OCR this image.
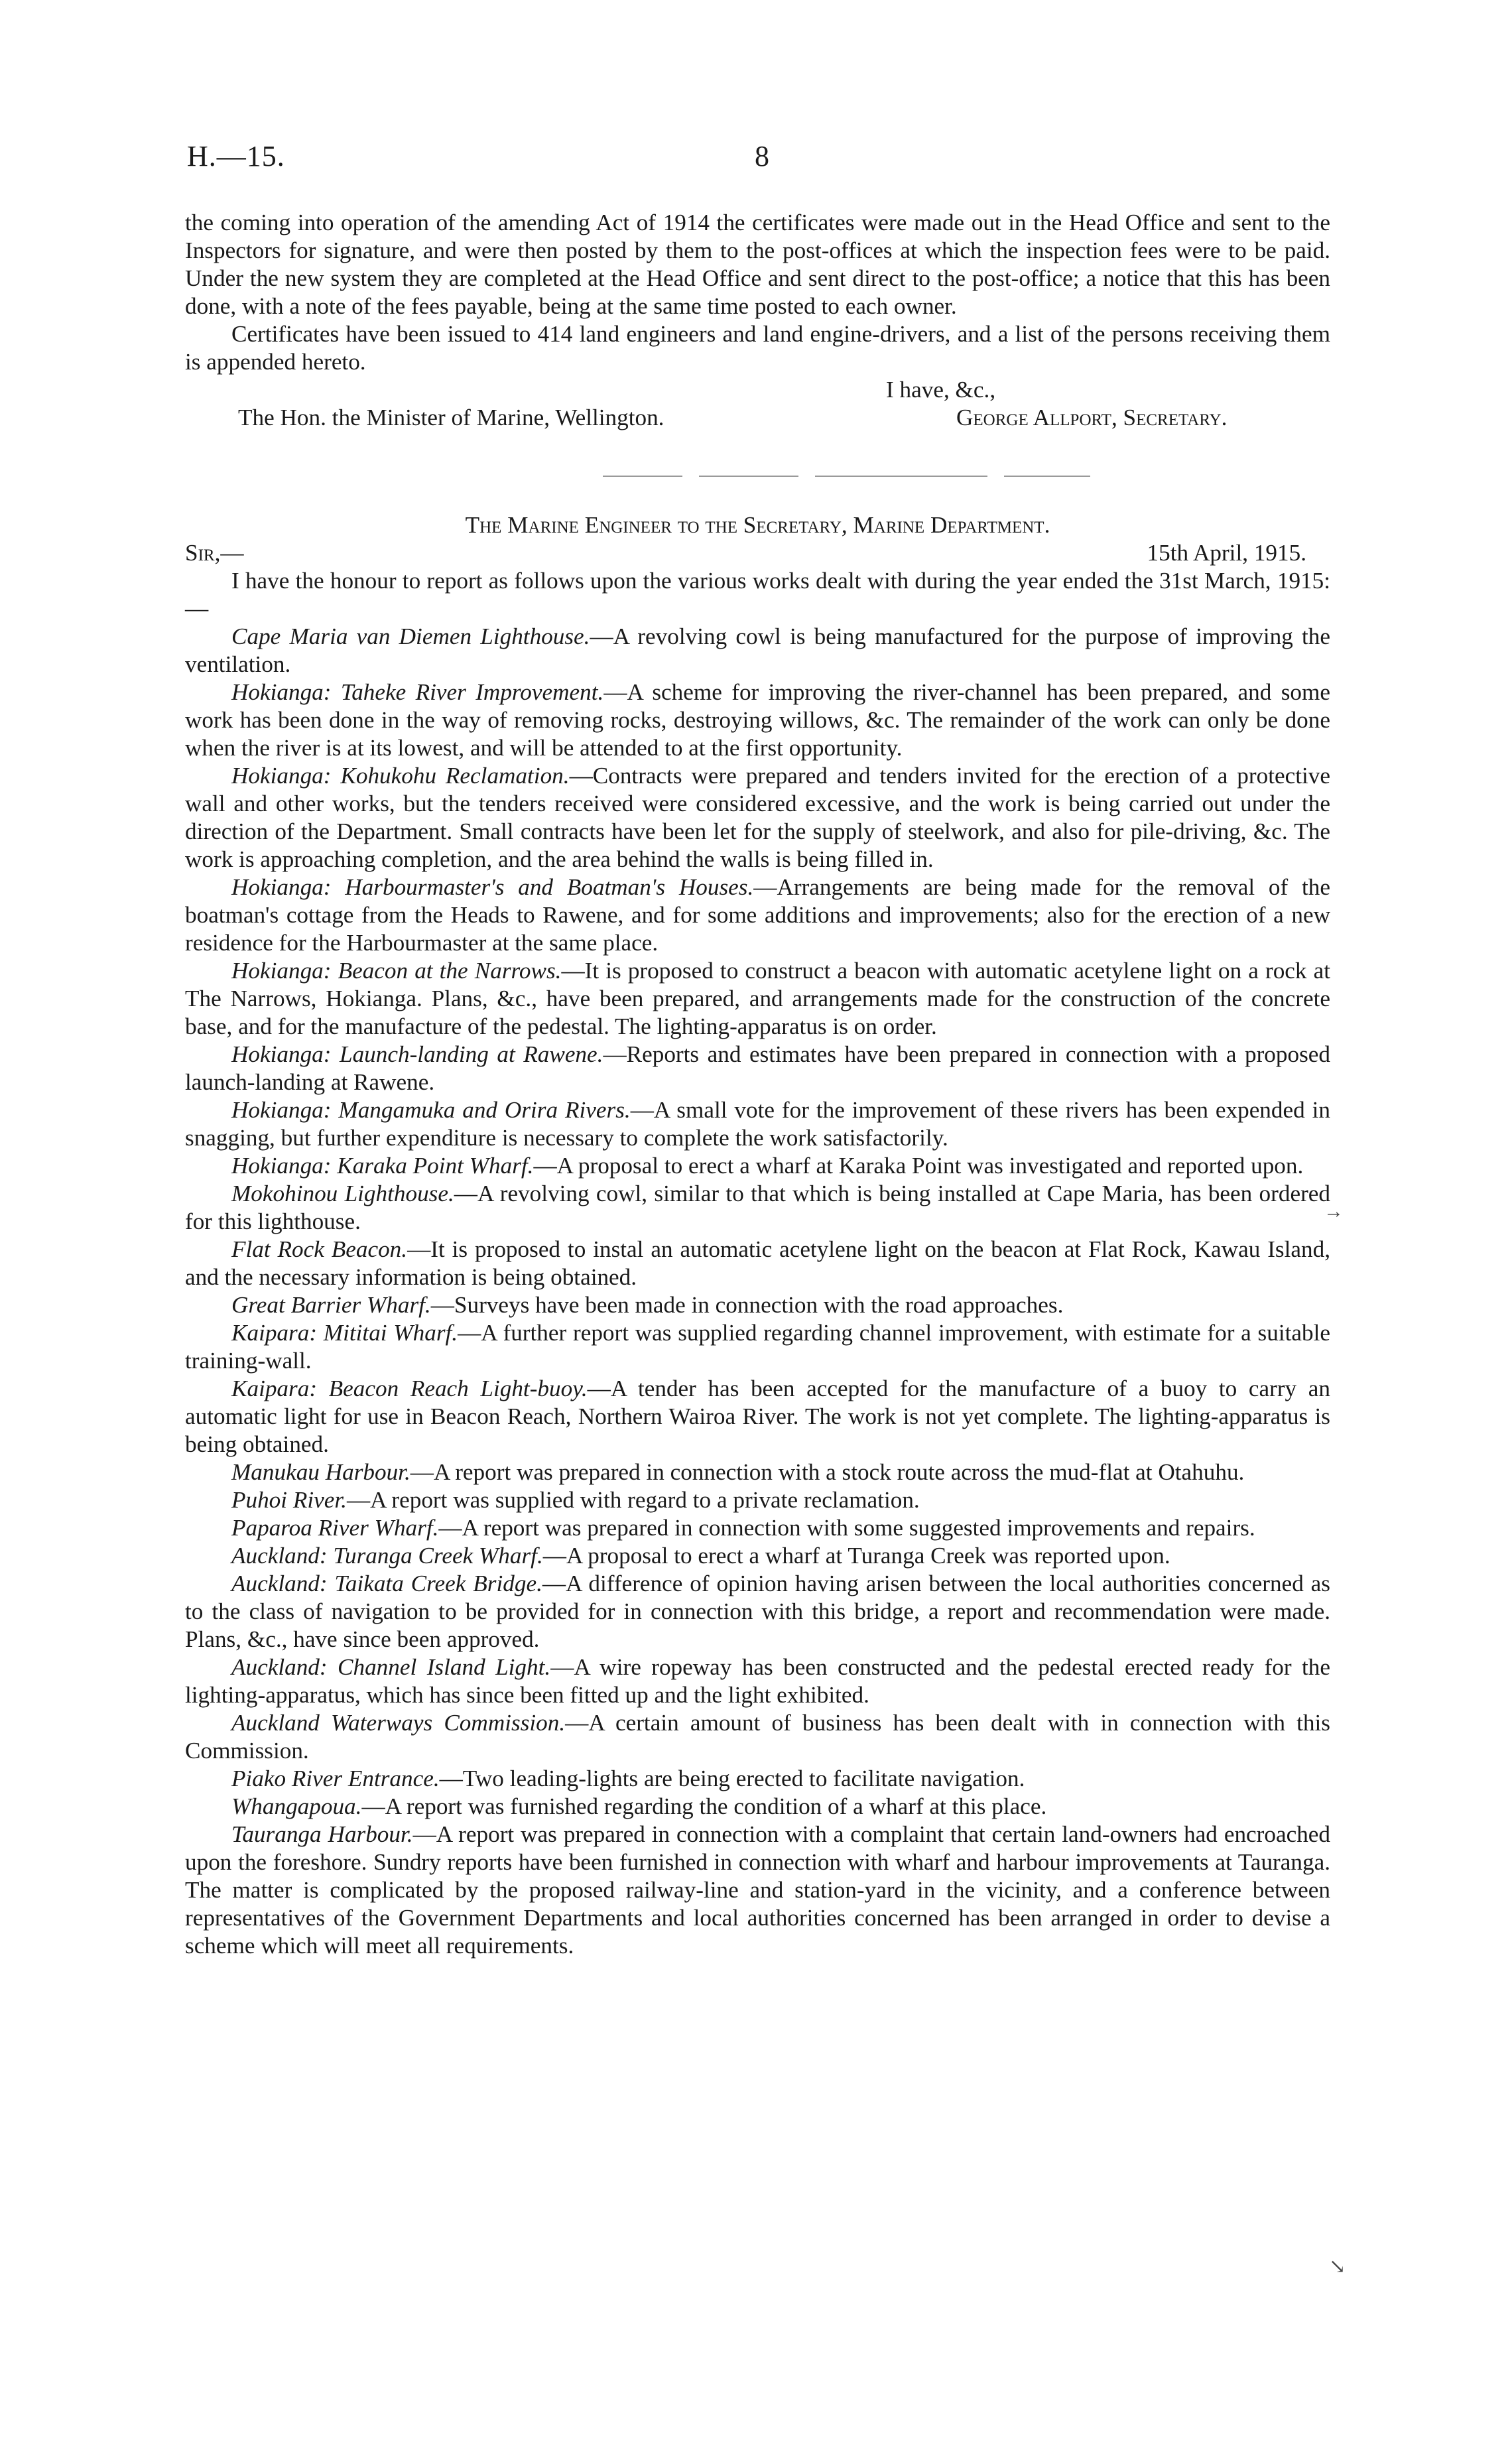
H.—15.	8

the coming into operation of the amending Act of 1914 the certificates were made out in the Head Office and sent to the Inspectors for signature, and were then posted by them to the post-offices at which the inspection fees were to be paid. Under the new system they are completed at the Head Office and sent direct to the post-office; a notice that this has been done, with a note of the fees payable, being at the same time posted to each owner.

Certificates have been issued to 414 land engineers and land engine-drivers, and a list of the persons receiving them is appended hereto.

I have, &c.,
The Hon. the Minister of Marine, Wellington.	George Allport, Secretary.

The Marine Engineer to the Secretary, Marine Department.

Sir,—	15th April, 1915.

I have the honour to report as follows upon the various works dealt with during the year ended the 31st March, 1915:—

Cape Maria van Diemen Lighthouse.—A revolving cowl is being manufactured for the purpose of improving the ventilation.

Hokianga: Taheke River Improvement.—A scheme for improving the river-channel has been prepared, and some work has been done in the way of removing rocks, destroying willows, &c. The remainder of the work can only be done when the river is at its lowest, and will be attended to at the first opportunity.

Hokianga: Kohukohu Reclamation.—Contracts were prepared and tenders invited for the erection of a protective wall and other works, but the tenders received were considered excessive, and the work is being carried out under the direction of the Department. Small contracts have been let for the supply of steelwork, and also for pile-driving, &c. The work is approaching completion, and the area behind the walls is being filled in.

Hokianga: Harbourmaster's and Boatman's Houses.—Arrangements are being made for the removal of the boatman's cottage from the Heads to Rawene, and for some additions and improvements; also for the erection of a new residence for the Harbourmaster at the same place.

Hokianga: Beacon at the Narrows.—It is proposed to construct a beacon with automatic acetylene light on a rock at The Narrows, Hokianga. Plans, &c., have been prepared, and arrangements made for the construction of the concrete base, and for the manufacture of the pedestal. The lighting-apparatus is on order.

Hokianga: Launch-landing at Rawene.—Reports and estimates have been prepared in connection with a proposed launch-landing at Rawene.

Hokianga: Mangamuka and Orira Rivers.—A small vote for the improvement of these rivers has been expended in snagging, but further expenditure is necessary to complete the work satisfactorily.

Hokianga: Karaka Point Wharf.—A proposal to erect a wharf at Karaka Point was investigated and reported upon.

Mokohinou Lighthouse.—A revolving cowl, similar to that which is being installed at Cape Maria, has been ordered for this lighthouse.

Flat Rock Beacon.—It is proposed to instal an automatic acetylene light on the beacon at Flat Rock, Kawau Island, and the necessary information is being obtained.

Great Barrier Wharf.—Surveys have been made in connection with the road approaches.

Kaipara: Mititai Wharf.—A further report was supplied regarding channel improvement, with estimate for a suitable training-wall.

Kaipara: Beacon Reach Light-buoy.—A tender has been accepted for the manufacture of a buoy to carry an automatic light for use in Beacon Reach, Northern Wairoa River. The work is not yet complete. The lighting-apparatus is being obtained.

Manukau Harbour.—A report was prepared in connection with a stock route across the mud-flat at Otahuhu.

Puhoi River.—A report was supplied with regard to a private reclamation.

Paparoa River Wharf.—A report was prepared in connection with some suggested improvements and repairs.

Auckland: Turanga Creek Wharf.—A proposal to erect a wharf at Turanga Creek was reported upon.

Auckland: Taikata Creek Bridge.—A difference of opinion having arisen between the local authorities concerned as to the class of navigation to be provided for in connection with this bridge, a report and recommendation were made. Plans, &c., have since been approved.

Auckland: Channel Island Light.—A wire ropeway has been constructed and the pedestal erected ready for the lighting-apparatus, which has since been fitted up and the light exhibited.

Auckland Waterways Commission.—A certain amount of business has been dealt with in connection with this Commission.

Piako River Entrance.—Two leading-lights are being erected to facilitate navigation.

Whangapoua.—A report was furnished regarding the condition of a wharf at this place.

Tauranga Harbour.—A report was prepared in connection with a complaint that certain land-owners had encroached upon the foreshore. Sundry reports have been furnished in connection with wharf and harbour improvements at Tauranga. The matter is complicated by the proposed railway-line and station-yard in the vicinity, and a conference between representatives of the Government Departments and local authorities concerned has been arranged in order to devise a scheme which will meet all requirements.

→
↘
